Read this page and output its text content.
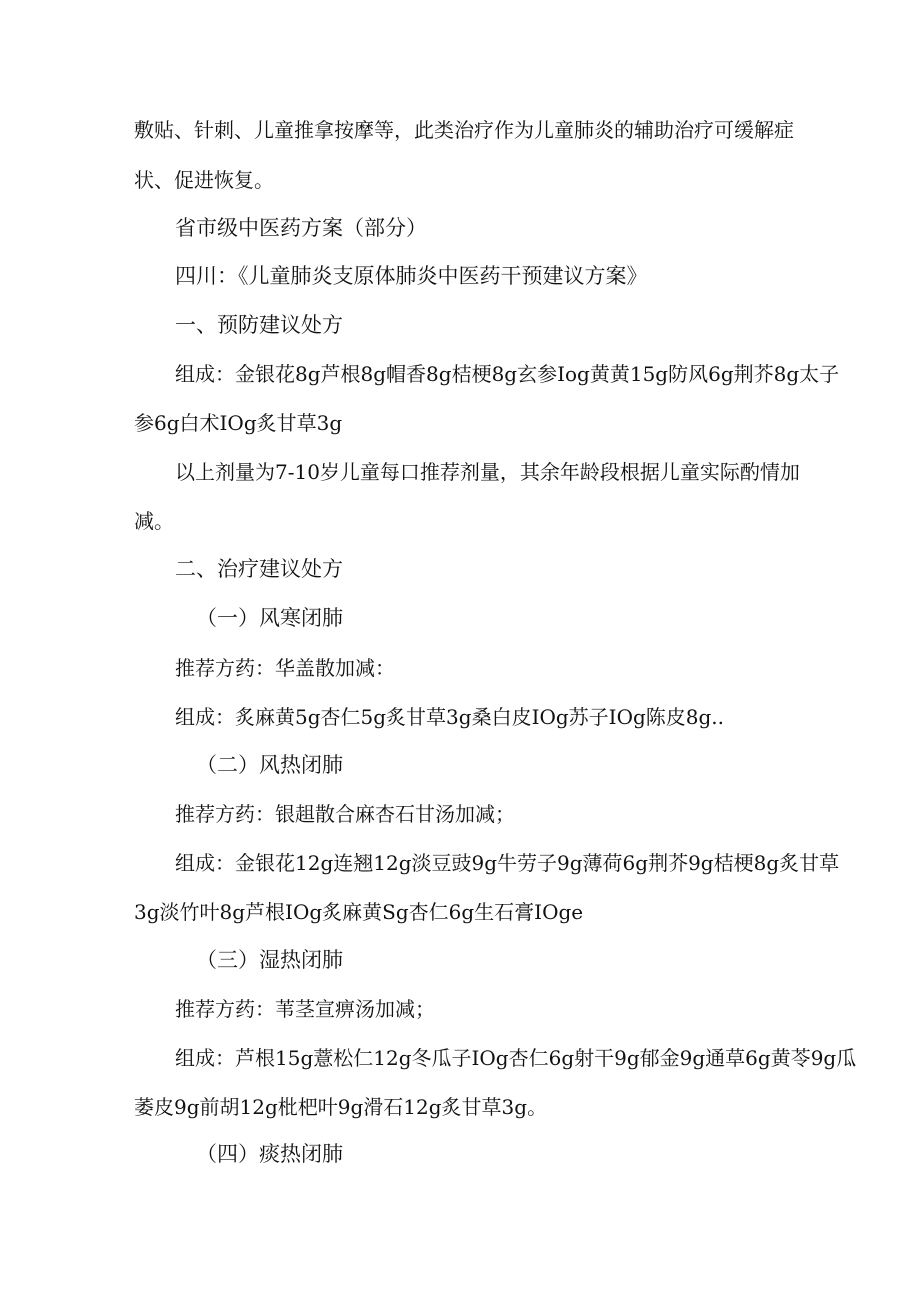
敷贴、针刺、儿童推拿按摩等，此类治疗作为儿童肺炎的辅助治疗可缓解症
状、促进恢复。
省市级中医药方案（部分）
四川：《儿童肺炎支原体肺炎中医药干预建议方案》
一、预防建议处方
组成：金银花8g芦根8g帽香8g桔梗8g玄参Iog黄黄15g防风6g荆芥8g太子
参6g白术IOg炙甘草3g
以上剂量为7-10岁儿童每口推荐剂量，其余年龄段根据儿童实际酌情加
减。
二、治疗建议处方
（一）风寒闭肺
推荐方药：华盖散加减：
组成：炙麻黄5g杏仁5g炙甘草3g桑白皮IOg苏子IOg陈皮8g..
（二）风热闭肺
推荐方药：银趄散合麻杏石甘汤加减；
组成：金银花12g连翘12g淡豆豉9g牛劳子9g薄荷6g荆芥9g桔梗8g炙甘草
3g淡竹叶8g芦根IOg炙麻黄Sg杏仁6g生石膏IOge
（三）湿热闭肺
推荐方药：苇茎宣痹汤加减；
组成：芦根15g薏松仁12g冬瓜子IOg杏仁6g射干9g郁金9g通草6g黄苓9g瓜
萎皮9g前胡12g枇杷叶9g滑石12g炙甘草3g。
（四）痰热闭肺
